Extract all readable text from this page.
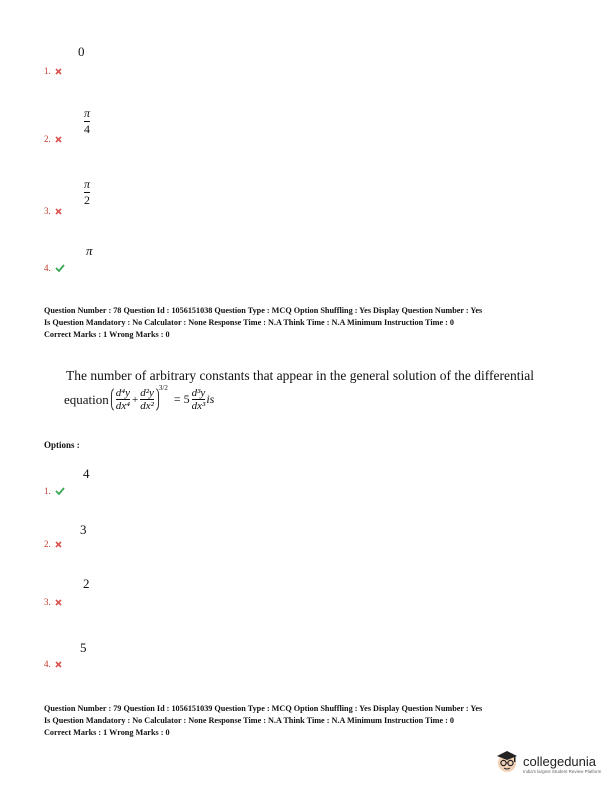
0
1.
π
4
2.
π
2
3.
π
4.
Question Number : 78 Question Id : 1056151038 Question Type : MCQ Option Shuffling : Yes Display Question Number : Yes
Is Question Mandatory : No Calculator : None Response Time : N.A Think Time : N.A Minimum Instruction Time : 0
Correct Marks : 1 Wrong Marks : 0
The number of arbitrary constants that appear in the general solution of the differential
equation d⁴y
dx⁴
+
d²y
dx²
$^{3/2}$
= 5 d³y
dx³ is
Options :
4
1.
3
2.
2
3.
5
4.
Question Number : 79 Question Id : 1056151039 Question Type : MCQ Option Shuffling : Yes Display Question Number : Yes
Is Question Mandatory : No Calculator : None Response Time : N.A Think Time : N.A Minimum Instruction Time : 0
Correct Marks : 1 Wrong Marks : 0
collegedunia
India's largest Student Review Platform
